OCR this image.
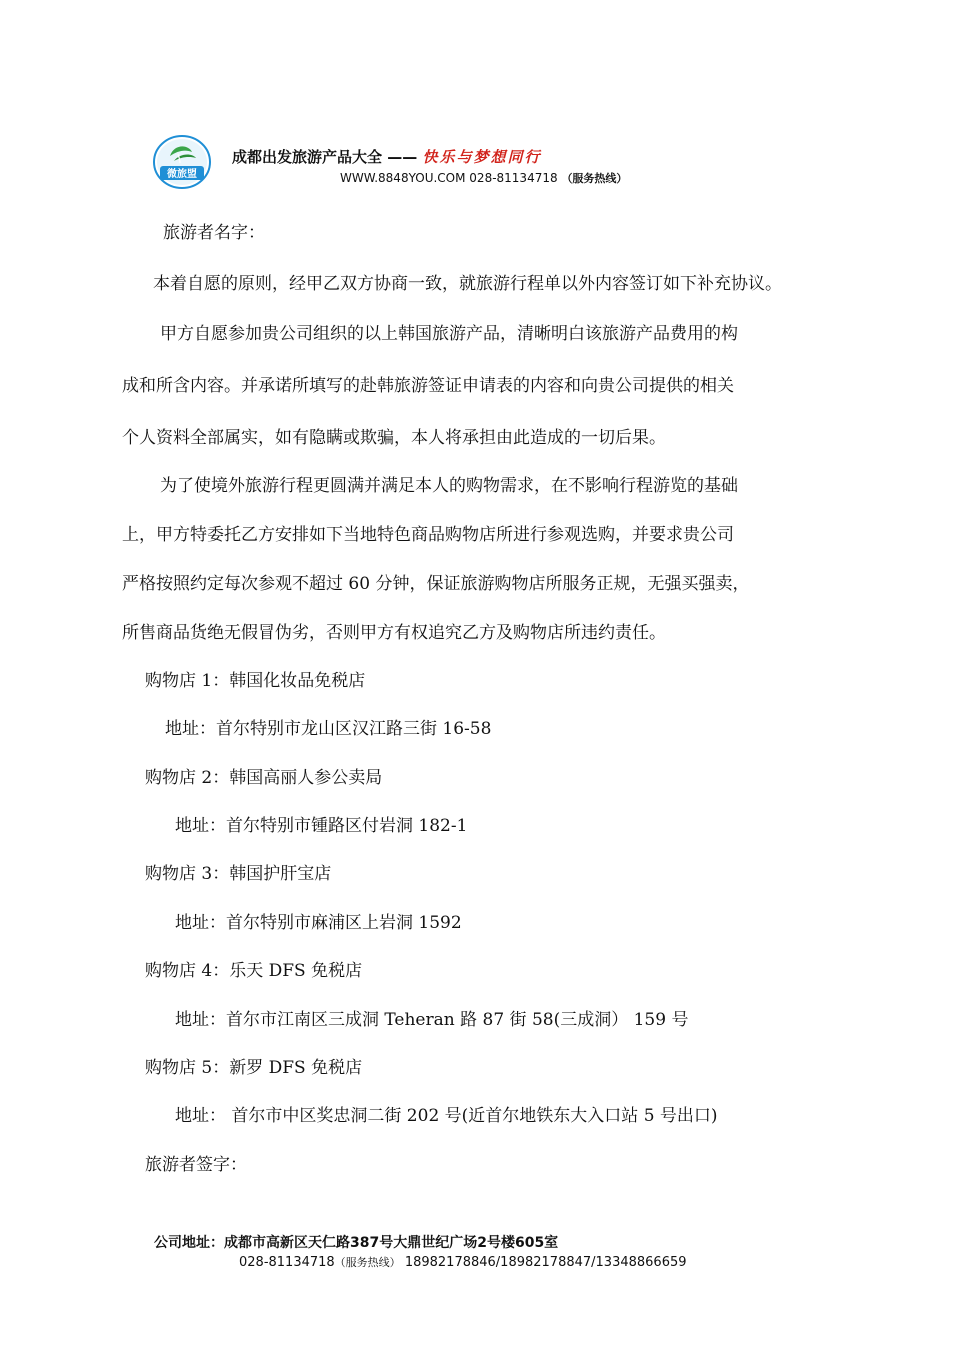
微旅盟
成都出发旅游产品大全 —— 快乐与梦想同行
WWW.8848YOU.COM 028-81134718 （服务热线）
旅游者名字：
本着自愿的原则，经甲乙双方协商一致，就旅游行程单以外内容签订如下补充协议。
甲方自愿参加贵公司组织的以上韩国旅游产品，清晰明白该旅游产品费用的构
成和所含内容。并承诺所填写的赴韩旅游签证申请表的内容和向贵公司提供的相关
个人资料全部属实，如有隐瞒或欺骗，本人将承担由此造成的一切后果。
为了使境外旅游行程更圆满并满足本人的购物需求，在不影响行程游览的基础
上，甲方特委托乙方安排如下当地特色商品购物店所进行参观选购，并要求贵公司
严格按照约定每次参观不超过 60 分钟，保证旅游购物店所服务正规，无强买强卖，
所售商品货绝无假冒伪劣，否则甲方有权追究乙方及购物店所违约责任。
购物店 1：韩国化妆品免税店
地址：首尔特别市龙山区汉江路三街 16-58
购物店 2：韩国高丽人参公卖局
地址：首尔特别市锺路区付岩洞 182-1
购物店 3：韩国护肝宝店
地址：首尔特别市麻浦区上岩洞 1592
购物店 4：乐天 DFS 免税店
地址：首尔市江南区三成洞 Teheran 路 87 街 58(三成洞） 159 号
购物店 5：新罗 DFS 免税店
地址： 首尔市中区奖忠洞二街 202 号(近首尔地铁东大入口站 5 号出口)
旅游者签字：
公司地址：成都市高新区天仁路387号大鼎世纪广场2号楼605室
028-81134718（服务热线） 18982178846/18982178847/13348866659
